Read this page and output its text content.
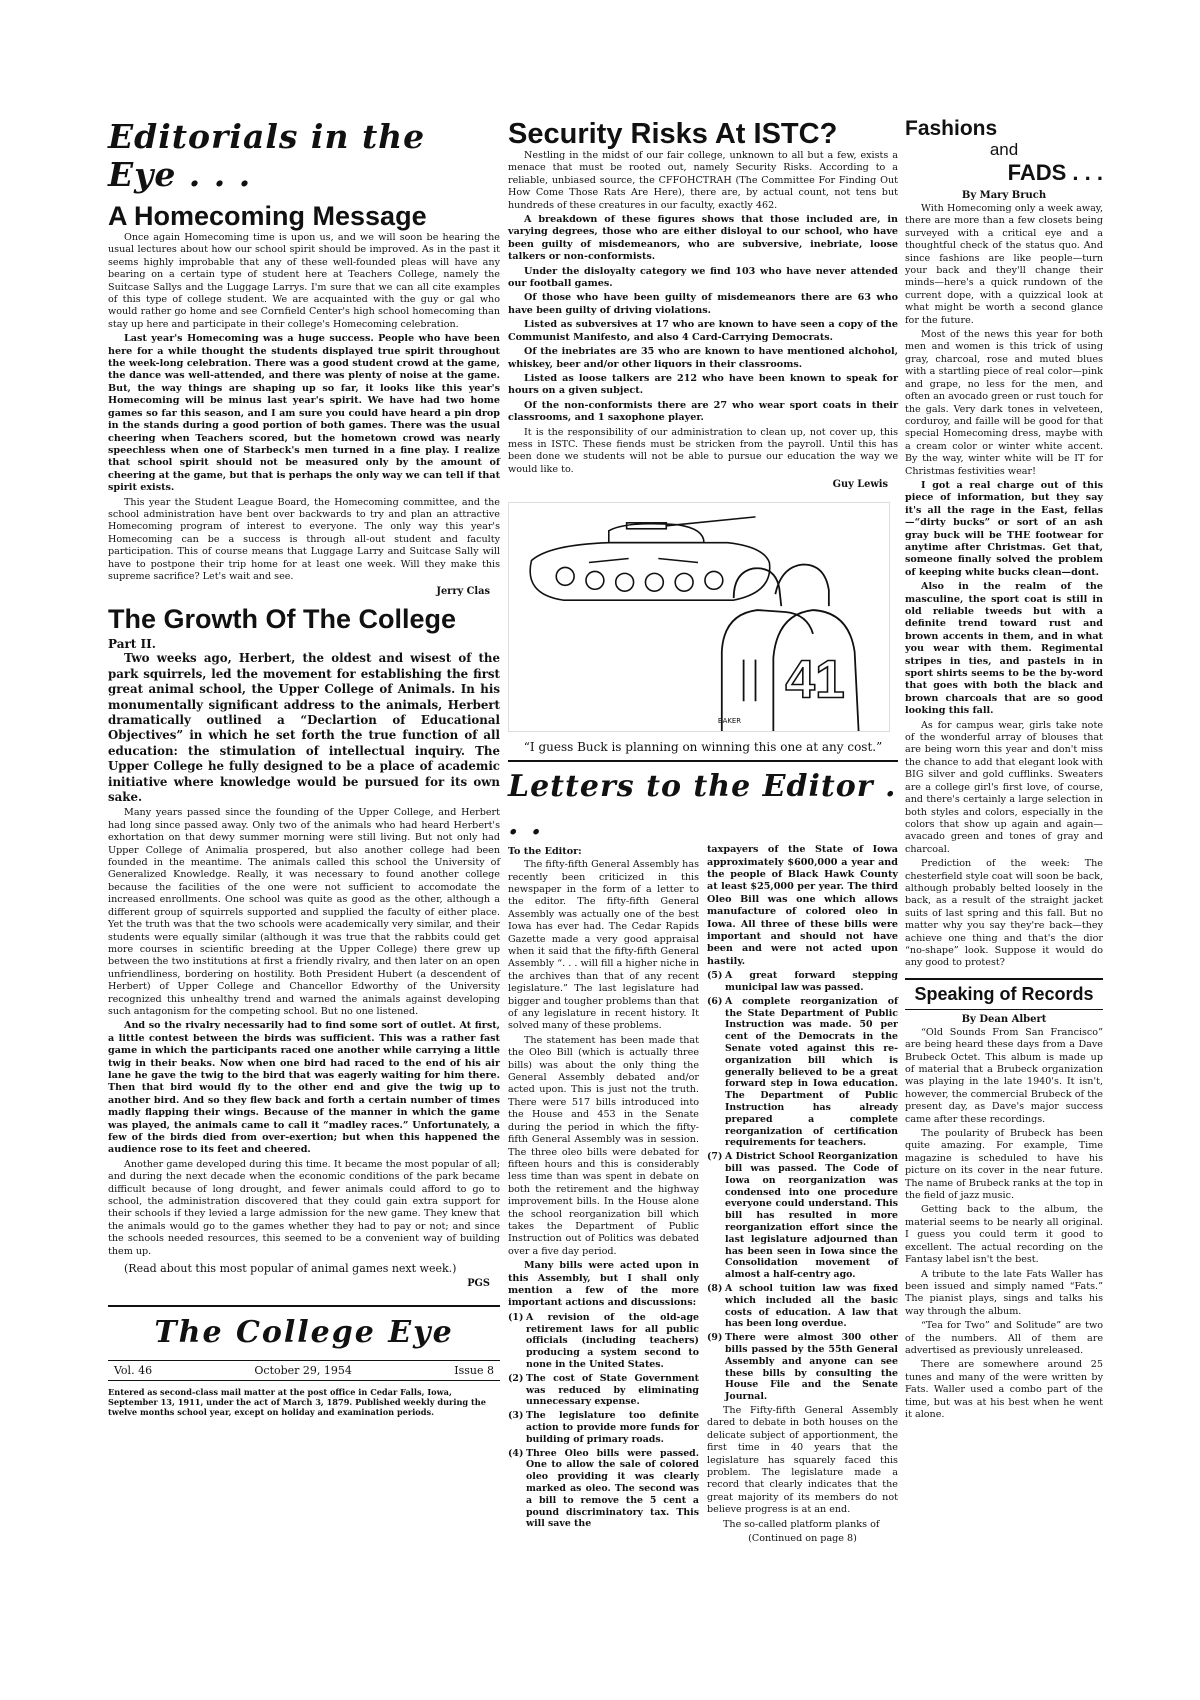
Editorials in the Eye . . .
A Homecoming Message

Once again Homecoming time is upon us, and we will soon be hearing the usual lectures about how our school spirit should be improved. As in the past it seems highly improbable that any of these well-founded pleas will have any bearing on a certain type of student here at Teachers College, namely the Suitcase Sallys and the Luggage Larrys. I'm sure that we can all cite examples of this type of college student. We are acquainted with the guy or gal who would rather go home and see Cornfield Center's high school homecoming than stay up here and participate in their college's Homecoming celebration.

Last year's Homecoming was a huge success. People who have been here for a while thought the students displayed true spirit throughout the week-long celebration. There was a good student crowd at the game, the dance was well-attended, and there was plenty of noise at the game. But, the way things are shaping up so far, it looks like this year's Homecoming will be minus last year's spirit. We have had two home games so far this season, and I am sure you could have heard a pin drop in the stands during a good portion of both games. There was the usual cheering when Teachers scored, but the hometown crowd was nearly speechless when one of Starbeck's men turned in a fine play. I realize that school spirit should not be measured only by the amount of cheering at the game, but that is perhaps the only way we can tell if that spirit exists.

This year the Student League Board, the Homecoming committee, and the school administration have bent over backwards to try and plan an attractive Homecoming program of interest to everyone. The only way this year's Homecoming can be a success is through all-out student and faculty participation. This of course means that Luggage Larry and Suitcase Sally will have to postpone their trip home for at least one week. Will they make this supreme sacrifice? Let's wait and see.

Jerry Clas
The Growth Of The College
Part II.

Two weeks ago, Herbert, the oldest and wisest of the park squirrels, led the movement for establishing the first great animal school, the Upper College of Animals. In his monumentally significant address to the animals, Herbert dramatically outlined a “Declartion of Educational Objectives” in which he set forth the true function of all education: the stimulation of intellectual inquiry. The Upper College he fully designed to be a place of academic initiative where knowledge would be pursued for its own sake.

Many years passed since the founding of the Upper College, and Herbert had long since passed away. Only two of the animals who had heard Herbert's exhortation on that dewy summer morning were still living. But not only had Upper College of Animalia prospered, but also another college had been founded in the meantime. The animals called this school the University of Generalized Knowledge. Really, it was necessary to found another college because the facilities of the one were not sufficient to accomodate the increased enrollments. One school was quite as good as the other, although a different group of squirrels supported and supplied the faculty of either place. Yet the truth was that the two schools were academically very similar, and their students were equally similar (although it was true that the rabbits could get more courses in scientific breeding at the Upper College) there grew up between the two institutions at first a friendly rivalry, and then later on an open unfriendliness, bordering on hostility. Both President Hubert (a descendent of Herbert) of Upper College and Chancellor Edworthy of the University recognized this unhealthy trend and warned the animals against developing such antagonism for the competing school. But no one listened.

And so the rivalry necessarily had to find some sort of outlet. At first, a little contest between the birds was sufficient. This was a rather fast game in which the participants raced one another while carrying a little twig in their beaks. Now when one bird had raced to the end of his air lane he gave the twig to the bird that was eagerly waiting for him there. Then that bird would fly to the other end and give the twig up to another bird. And so they flew back and forth a certain number of times madly flapping their wings. Because of the manner in which the game was played, the animals came to call it “madley races.” Unfortunately, a few of the birds died from over-exertion; but when this happened the audience rose to its feet and cheered.

Another game developed during this time. It became the most popular of all; and during the next decade when the economic conditions of the park became difficult because of long drought, and fewer animals could afford to go to school, the administration discovered that they could gain extra support for their schools if they levied a large admission for the new game. They knew that the animals would go to the games whether they had to pay or not; and since the schools needed resources, this seemed to be a convenient way of building them up.

(Read about this most popular of animal games next week.)
PGS
The College Eye
Vol. 46	October 29, 1954	Issue 8
Entered as second-class mail matter at the post office in Cedar Falls, Iowa, September 13, 1911, under the act of March 3, 1879. Published weekly during the twelve months school year, except on holiday and examination periods.
Security Risks At ISTC?

Nestling in the midst of our fair college, unknown to all but a few, exists a menace that must be rooted out, namely Security Risks. According to a reliable, unbiased source, the CFFOHCTRAH (The Committee For Finding Out How Come Those Rats Are Here), there are, by actual count, not tens but hundreds of these creatures in our faculty, exactly 462.

A breakdown of these figures shows that those included are, in varying degrees, those who are either disloyal to our school, who have been guilty of misdemeanors, who are subversive, inebriate, loose talkers or non-conformists.

Under the disloyalty category we find 103 who have never attended our football games.

Of those who have been guilty of misdemeanors there are 63 who have been guilty of driving violations.

Listed as subversives at 17 who are known to have seen a copy of the Communist Manifesto, and also 4 Card-Carrying Democrats.

Of the inebriates are 35 who are known to have mentioned alchohol, whiskey, beer and/or other liquors in their classrooms.

Listed as loose talkers are 212 who have been known to speak for hours on a given subject.

Of the non-conformists there are 27 who wear sport coats in their classrooms, and 1 saxophone player.

It is the responsibility of our administration to clean up, not cover up, this mess in ISTC. These fiends must be stricken from the payroll. Until this has been done we students will not be able to pursue our education the way we would like to.

Guy Lewis
41
BAKER
“I guess Buck is planning on winning this one at any cost.”
Letters to the Editor . . .
To the Editor:

The fifty-fifth General Assembly has recently been criticized in this newspaper in the form of a letter to the editor. The fifty-fifth General Assembly was actually one of the best Iowa has ever had. The Cedar Rapids Gazette made a very good appraisal when it said that the fifty-fifth General Assembly “. . . will fill a higher niche in the archives than that of any recent legislature.” The last legislature had bigger and tougher problems than that of any legislature in recent history. It solved many of these problems.

The statement has been made that the Oleo Bill (which is actually three bills) was about the only thing the General Assembly debated and/or acted upon. This is just not the truth. There were 517 bills introduced into the House and 453 in the Senate during the period in which the fifty-fifth General Assembly was in session. The three oleo bills were debated for fifteen hours and this is considerably less time than was spent in debate on both the retirement and the highway improvement bills. In the House alone the school reorganization bill which takes the Department of Public Instruction out of Politics was debated over a five day period.

Many bills were acted upon in this Assembly, but I shall only mention a few of the more important actions and discussions:

(1) A revision of the old-age retirement laws for all public officials (including teachers) producing a system second to none in the United States.
(2) The cost of State Government was reduced by eliminating unnecessary expense.
(3) The legislature too definite action to provide more funds for building of primary roads.
(4) Three Oleo bills were passed. One to allow the sale of colored oleo providing it was clearly marked as oleo. The second was a bill to remove the 5 cent a pound discriminatory tax. This will save the

taxpayers of the State of Iowa approximately $600,000 a year and the people of Black Hawk County at least $25,000 per year. The third Oleo Bill was one which allows manufacture of colored oleo in Iowa. All three of these bills were important and should not have been and were not acted upon hastily.

(5) A great forward stepping municipal law was passed.
(6) A complete reorganization of the State Department of Public Instruction was made. 50 per cent of the Democrats in the Senate voted against this re-organization bill which is generally believed to be a great forward step in Iowa education. The Department of Public Instruction has already prepared a complete reorganization of certification requirements for teachers.
(7) A District School Reorganization bill was passed. The Code of Iowa on reorganization was condensed into one procedure everyone could understand. This bill has resulted in more reorganization effort since the last legislature adjourned than has been seen in Iowa since the Consolidation movement of almost a half-centry ago.
(8) A school tuition law was fixed which included all the basic costs of education. A law that has been long overdue.
(9) There were almost 300 other bills passed by the 55th General Assembly and anyone can see these bills by consulting the House File and the Senate Journal.

The Fifty-fifth General Assembly dared to debate in both houses on the delicate subject of apportionment, the first time in 40 years that the legislature has squarely faced this problem. The legislature made a record that clearly indicates that the great majority of its members do not believe progress is at an end.

The so-called platform planks of

(Continued on page 8)
Fashions
and
FADS . . .
By Mary Bruch

With Homecoming only a week away, there are more than a few closets being surveyed with a critical eye and a thoughtful check of the status quo. And since fashions are like people—turn your back and they'll change their minds—here's a quick rundown of the current dope, with a quizzical look at what might be worth a second glance for the future.

Most of the news this year for both men and women is this trick of using gray, charcoal, rose and muted blues with a startling piece of real color—pink and grape, no less for the men, and often an avocado green or rust touch for the gals. Very dark tones in velveteen, corduroy, and faille will be good for that special Homecoming dress, maybe with a cream color or winter white accent. By the way, winter white will be IT for Christmas festivities wear!

I got a real charge out of this piece of information, but they say it's all the rage in the East, fellas—“dirty bucks” or sort of an ash gray buck will be THE footwear for anytime after Christmas. Get that, someone finally solved the problem of keeping white bucks clean—dont.

Also in the realm of the masculine, the sport coat is still in old reliable tweeds but with a definite trend toward rust and brown accents in them, and in what you wear with them. Regimental stripes in ties, and pastels in in sport shirts seems to be the by-word that goes with both the black and brown charcoals that are so good looking this fall.

As for campus wear, girls take note of the wonderful array of blouses that are being worn this year and don't miss the chance to add that elegant look with BIG silver and gold cufflinks. Sweaters are a college girl's first love, of course, and there's certainly a large selection in both styles and colors, especially in the colors that show up again and again—avacado green and tones of gray and charcoal.

Prediction of the week: The chesterfield style coat will soon be back, although probably belted loosely in the back, as a result of the straight jacket suits of last spring and this fall. But no matter why you say they're back—they achieve one thing and that's the dior “no-shape” look. Suppose it would do any good to protest?

Speaking of Records
By Dean Albert

“Old Sounds From San Francisco” are being heard these days from a Dave Brubeck Octet. This album is made up of material that a Brubeck organization was playing in the late 1940's. It isn't, however, the commercial Brubeck of the present day, as Dave's major success came after these recordings.

The poularity of Brubeck has been quite amazing. For example, Time magazine is scheduled to have his picture on its cover in the near future. The name of Brubeck ranks at the top in the field of jazz music.

Getting back to the album, the material seems to be nearly all original. I guess you could term it good to excellent. The actual recording on the Fantasy label isn't the best.

A tribute to the late Fats Waller has been issued and simply named “Fats.” The pianist plays, sings and talks his way through the album.

“Tea for Two” and Solitude” are two of the numbers. All of them are advertised as previously unreleased.

There are somewhere around 25 tunes and many of the were written by Fats. Waller used a combo part of the time, but was at his best when he went it alone.
